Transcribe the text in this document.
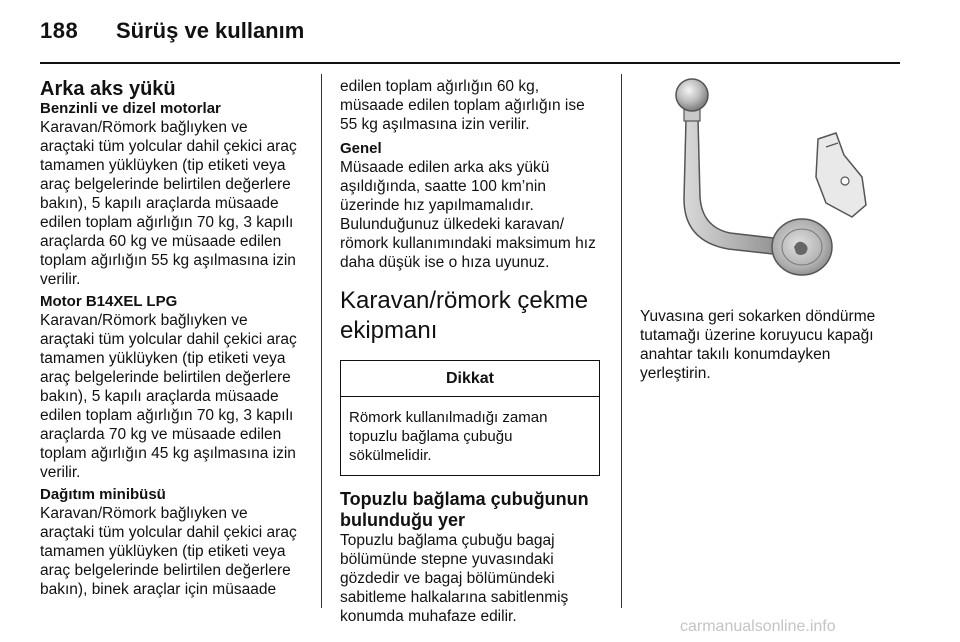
188 Sürüş ve kullanım
Arka aks yükü
Benzinli ve dizel motorlar
Karavan/Römork bağlıyken ve
araçtaki tüm yolcular dahil çekici araç
tamamen yüklüyken (tip etiketi veya
araç belgelerinde belirtilen değerlere
bakın), 5 kapılı araçlarda müsaade
edilen toplam ağırlığın 70 kg, 3 kapılı
araçlarda 60 kg ve müsaade edilen
toplam ağırlığın 55 kg aşılmasına izin
verilir.
Motor B14XEL LPG
Karavan/Römork bağlıyken ve
araçtaki tüm yolcular dahil çekici araç
tamamen yüklüyken (tip etiketi veya
araç belgelerinde belirtilen değerlere
bakın), 5 kapılı araçlarda müsaade
edilen toplam ağırlığın 70 kg, 3 kapılı
araçlarda 70 kg ve müsaade edilen
toplam ağırlığın 45 kg aşılmasına izin
verilir.
Dağıtım minibüsü
Karavan/Römork bağlıyken ve
araçtaki tüm yolcular dahil çekici araç
tamamen yüklüyken (tip etiketi veya
araç belgelerinde belirtilen değerlere
bakın), binek araçlar için müsaade
edilen toplam ağırlığın 60 kg,
müsaade edilen toplam ağırlığın ise
55 kg aşılmasına izin verilir.
Genel
Müsaade edilen arka aks yükü
aşıldığında, saatte 100 km’nin
üzerinde hız yapılmamalıdır.
Bulunduğunuz ülkedeki karavan/
römork kullanımındaki maksimum hız
daha düşük ise o hıza uyunuz.
Karavan/römork çekme
ekipmanı
Dikkat
Römork kullanılmadığı zaman
topuzlu bağlama çubuğu
sökülmelidir.
Topuzlu bağlama çubuğunun
bulunduğu yer
Topuzlu bağlama çubuğu bagaj
bölümünde stepne yuvasındaki
gözdedir ve bagaj bölümündeki
sabitleme halkalarına sabitlenmiş
konumda muhafaze edilir.
Yuvasına geri sokarken döndürme
tutamağı üzerine koruyucu kapağı
anahtar takılı konumdayken
yerleştirin.
carmanualsonline.info
